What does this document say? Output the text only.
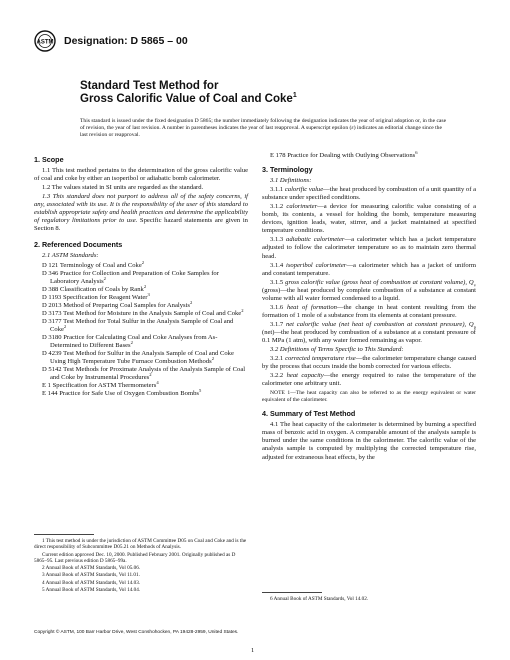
ASTM Designation: D 5865 – 00
Standard Test Method for
Gross Calorific Value of Coal and Coke$^1$
This standard is issued under the fixed designation D 5865; the number immediately following the designation indicates the year of original adoption or, in the case of revision, the year of last revision. A number in parentheses indicates the year of last reapproval. A superscript epsilon (ε) indicates an editorial change since the last revision or reapproval.
1. Scope

1.1 This test method pertains to the determination of the gross calorific value of coal and coke by either an isoperibol or adiabatic bomb calorimeter.

1.2 The values stated in SI units are regarded as the standard.

1.3 This standard does not purport to address all of the safety concerns, if any, associated with its use. It is the responsibility of the user of this standard to establish appropriate safety and health practices and determine the applicability of regulatory limitations prior to use. Specific hazard statements are given in Section 8.

2. Referenced Documents

2.1 ASTM Standards:

D 121 Terminology of Coal and Coke$^2$

D 346 Practice for Collection and Preparation of Coke Samples for Laboratory Analysis$^2$

D 388 Classification of Coals by Rank$^2$

D 1193 Specification for Reagent Water$^3$

D 2013 Method of Preparing Coal Samples for Analysis$^2$

D 3173 Test Method for Moisture in the Analysis Sample of Coal and Coke$^2$

D 3177 Test Method for Total Sulfur in the Analysis Sample of Coal and Coke$^2$

D 3180 Practice for Calculating Coal and Coke Analyses from As-Determined to Different Bases$^2$

D 4239 Test Method for Sulfur in the Analysis Sample of Coal and Coke Using High Temperature Tube Furnace Combustion Methods$^2$

D 5142 Test Methods for Proximate Analysis of the Analysis Sample of Coal and Coke by Instrumental Procedures$^2$

E 1 Specification for ASTM Thermometers$^4$

E 144 Practice for Safe Use of Oxygen Combustion Bombs$^5$

1 This test method is under the jurisdiction of ASTM Committee D05 on Coal and Coke and is the direct responsibility of Subcommittee D05.21 on Methods of Analysis.

Current edition approved Dec. 10, 2000. Published February 2001. Originally published as D 5865–95. Last previous edition D 5865–99a.

2 Annual Book of ASTM Standards, Vol 05.06.

3 Annual Book of ASTM Standards, Vol 11.01.

4 Annual Book of ASTM Standards, Vol 14.03.

5 Annual Book of ASTM Standards, Vol 14.04.

E 178 Practice for Dealing with Outlying Observations$^6$

3. Terminology

3.1 Definitions:

3.1.1 calorific value—the heat produced by combustion of a unit quantity of a substance under specified conditions.

3.1.2 calorimeter—a device for measuring calorific value consisting of a bomb, its contents, a vessel for holding the bomb, temperature measuring devices, ignition leads, water, stirrer, and a jacket maintained at specified temperature conditions.

3.1.3 adiabatic calorimeter—a calorimeter which has a jacket temperature adjusted to follow the calorimeter temperature so as to maintain zero thermal head.

3.1.4 isoperibol calorimeter—a calorimeter which has a jacket of uniform and constant temperature.

3.1.5 gross calorific value (gross heat of combustion at constant volume), $Q_v$ (gross)—the heat produced by complete combustion of a substance at constant volume with all water formed condensed to a liquid.

3.1.6 heat of formation—the change in heat content resulting from the formation of 1 mole of a substance from its elements at constant pressure.

3.1.7 net calorific value (net heat of combustion at constant pressure), $Q_p$ (net)—the heat produced by combustion of a substance at a constant pressure of 0.1 MPa (1 atm), with any water formed remaining as vapor.

3.2 Definitions of Terms Specific to This Standard:

3.2.1 corrected temperature rise—the calorimeter temperature change caused by the process that occurs inside the bomb corrected for various effects.

3.2.2 heat capacity—the energy required to raise the temperature of the calorimeter one arbitrary unit.

NOTE 1—The heat capacity can also be referred to as the energy equivalent or water equivalent of the calorimeter.

4. Summary of Test Method

4.1 The heat capacity of the calorimeter is determined by burning a specified mass of benzoic acid in oxygen. A comparable amount of the analysis sample is burned under the same conditions in the calorimeter. The calorific value of the analysis sample is computed by multiplying the corrected temperature rise, adjusted for extraneous heat effects, by the

6 Annual Book of ASTM Standards, Vol 14.02.

Copyright © ASTM, 100 Barr Harbor Drive, West Conshohocken, PA 19428-2959, United States.
1
